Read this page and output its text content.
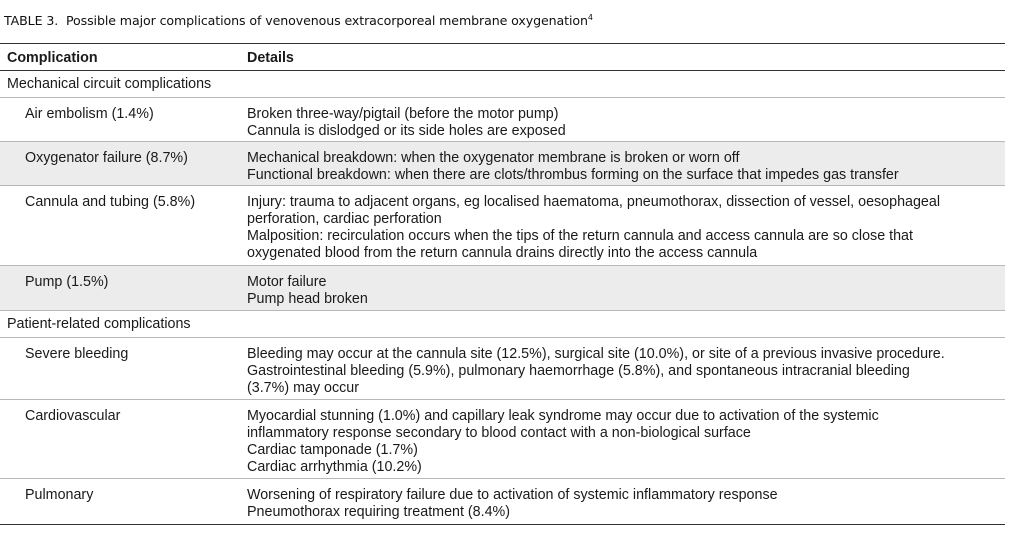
TABLE 3. Possible major complications of venovenous extracorporeal membrane oxygenation$^4$
Complication	Details
Mechanical circuit complications
Air embolism (1.4%)	Broken three-way/pigtail (before the motor pump)
Cannula is dislodged or its side holes are exposed
Oxygenator failure (8.7%)	Mechanical breakdown: when the oxygenator membrane is broken or worn off
Functional breakdown: when there are clots/thrombus forming on the surface that impedes gas transfer
Cannula and tubing (5.8%)	Injury: trauma to adjacent organs, eg localised haematoma, pneumothorax, dissection of vessel, oesophageal
perforation, cardiac perforation
Malposition: recirculation occurs when the tips of the return cannula and access cannula are so close that
oxygenated blood from the return cannula drains directly into the access cannula
Pump (1.5%)	Motor failure
Pump head broken
Patient-related complications
Severe bleeding	Bleeding may occur at the cannula site (12.5%), surgical site (10.0%), or site of a previous invasive procedure.
Gastrointestinal bleeding (5.9%), pulmonary haemorrhage (5.8%), and spontaneous intracranial bleeding
(3.7%) may occur
Cardiovascular	Myocardial stunning (1.0%) and capillary leak syndrome may occur due to activation of the systemic
inflammatory response secondary to blood contact with a non-biological surface
Cardiac tamponade (1.7%)
Cardiac arrhythmia (10.2%)
Pulmonary	Worsening of respiratory failure due to activation of systemic inflammatory response
Pneumothorax requiring treatment (8.4%)
